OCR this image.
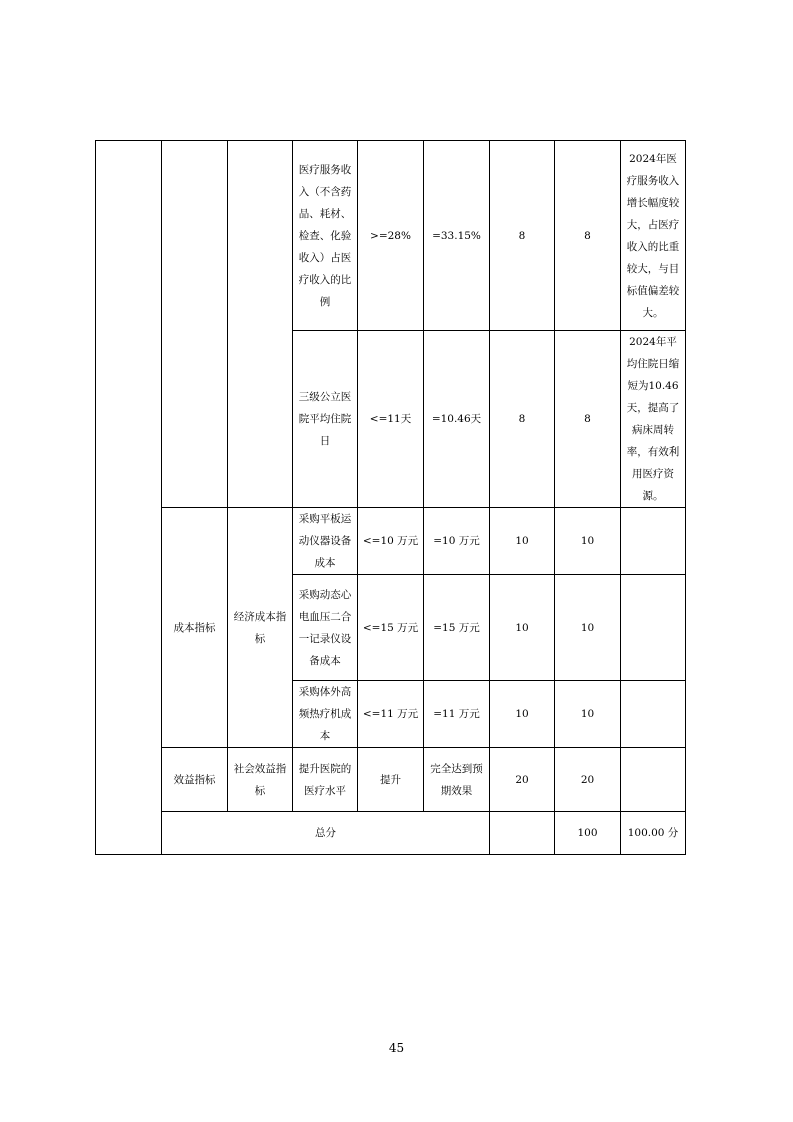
			医疗服务收入（不含药品、耗材、检查、化验收入）占医疗收入的比例	>=28%	=33.15%	8	8	2024年医疗服务收入增长幅度较大，占医疗收入的比重较大，与目标值偏差较大。	
			三级公立医院平均住院日	<=11天	=10.46天	8	8	2024年平均住院日缩短为10.46天，提高了病床周转率，有效利用医疗资源。	
	成本指标	经济成本指标	采购平板运动仪器设备成本	<=10 万元	=10 万元	10	10		
			采购动态心电血压二合一记录仪设备成本	<=15 万元	=15 万元	10	10		
			采购体外高频热疗机成本	<=11 万元	=11 万元	10	10		
	效益指标	社会效益指标	提升医院的医疗水平	提升	完全达到预期效果	20	20		
	总分						100	100.00 分	
45
